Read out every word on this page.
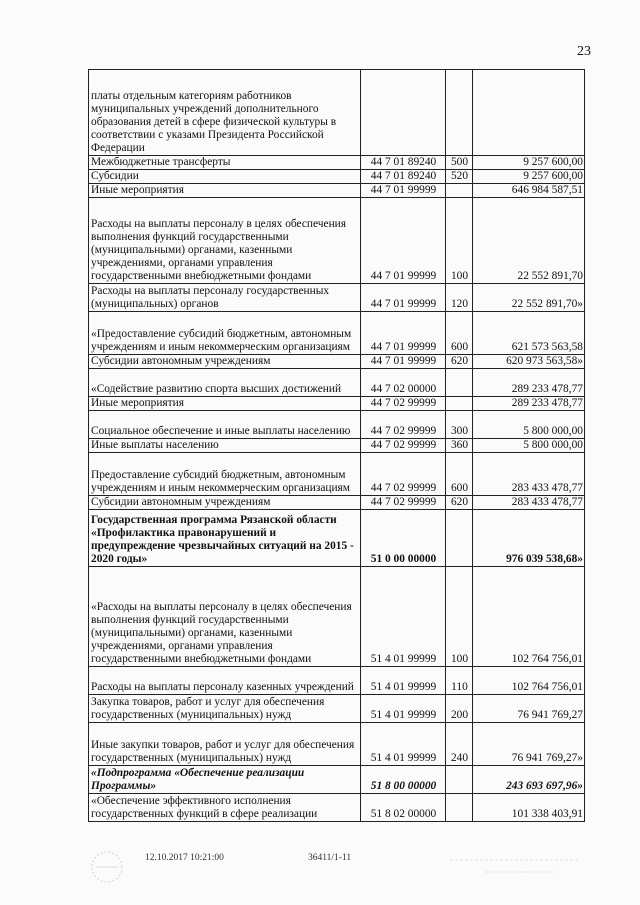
23
платы отдельным категориям работников муниципальных учреждений дополнительного образования детей в сфере физической культуры в соответствии с указами Президента Российской Федерации			
Межбюджетные трансферты	44 7 01 89240	500	9 257 600,00
Субсидии	44 7 01 89240	520	9 257 600,00
Иные мероприятия	44 7 01 99999		646 984 587,51
Расходы на выплаты персоналу в целях обеспечения выполнения функций государственными (муниципальными) органами, казенными учреждениями, органами управления государственными внебюджетными фондами	44 7 01 99999	100	22 552 891,70
Расходы на выплаты персоналу государственных (муниципальных) органов	44 7 01 99999	120	22 552 891,70»
«Предоставление субсидий бюджетным, автономным учреждениям и иным некоммерческим организациям	44 7 01 99999	600	621 573 563,58
Субсидии автономным учреждениям	44 7 01 99999	620	620 973 563,58»
«Содействие развитию спорта высших достижений	44 7 02 00000		289 233 478,77
Иные мероприятия	44 7 02 99999		289 233 478,77
Социальное обеспечение и иные выплаты населению	44 7 02 99999	300	5 800 000,00
Иные выплаты населению	44 7 02 99999	360	5 800 000,00
Предоставление субсидий бюджетным, автономным учреждениям и иным некоммерческим организациям	44 7 02 99999	600	283 433 478,77
Субсидии автономным учреждениям	44 7 02 99999	620	283 433 478,77
Государственная программа Рязанской области «Профилактика правонарушений и предупреждение чрезвычайных ситуаций на 2015 - 2020 годы»	51 0 00 00000		976 039 538,68»
«Расходы на выплаты персоналу в целях обеспечения выполнения функций государственными (муниципальными) органами, казенными учреждениями, органами управления государственными внебюджетными фондами	51 4 01 99999	100	102 764 756,01
Расходы на выплаты персоналу казенных учреждений	51 4 01 99999	110	102 764 756,01
Закупка товаров, работ и услуг для обеспечения государственных (муниципальных) нужд	51 4 01 99999	200	76 941 769,27
Иные закупки товаров, работ и услуг для обеспечения государственных (муниципальных) нужд	51 4 01 99999	240	76 941 769,27»
«Подпрограмма «Обеспечение реализации Программы»	51 8 00 00000		243 693 697,96»
«Обеспечение эффективного исполнения государственных функций в сфере реализации	51 8 02 00000		101 338 403,91
12.10.2017 10:21:00	36411/1-11
